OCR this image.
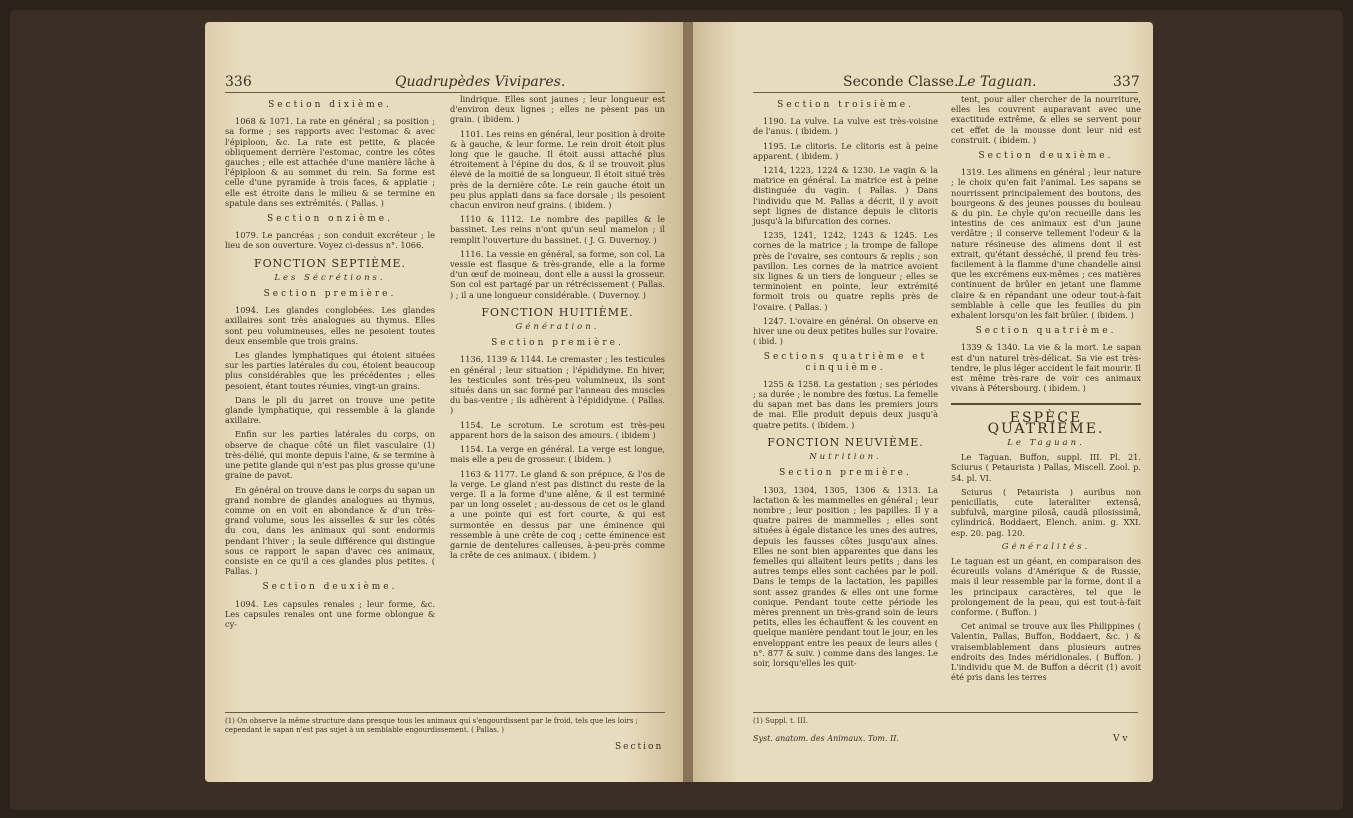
336	Quadrupèdes Vivipares.
Section dixième.

1068 & 1071. La rate en général ; sa position ; sa forme ; ses rapports avec l'estomac & avec l'épiploon, &c. La rate est petite, & placée obliquement derrière l'estomac, contre les côtes gauches ; elle est attachée d'une manière lâche à l'épiploon & au sommet du rein. Sa forme est celle d'une pyramide à trois faces, & applatie ; elle est étroite dans le milieu & se termine en spatule dans ses extrémités. ( Pallas. )

Section onzième.

1079. Le pancréas ; son conduit excréteur ; le lieu de son ouverture. Voyez ci-dessus n°. 1066.

FONCTION SEPTIÈME.
Les Sécrétions.
Section première.

1094. Les glandes conglobées. Les glandes axillaires sont très analogues au thymus. Elles sont peu volumineuses, elles ne pesoient toutes deux ensemble que trois grains.

Les glandes lymphatiques qui étoient situées sur les parties latérales du cou, étoient beaucoup plus considérables que les précédentes ; elles pesoient, étant toutes réunies, vingt-un grains.

Dans le pli du jarret on trouve une petite glande lymphatique, qui ressemble à la glande axillaire.

Enfin sur les parties latérales du corps, on observe de chaque côté un filet vasculaire (1) très-délié, qui monte depuis l'aine, & se termine à une petite glande qui n'est pas plus grosse qu'une graine de pavot.

En général on trouve dans le corps du sapan un grand nombre de glandes analogues au thymus, comme on en voit en abondance & d'un très-grand volume, sous les aisselles & sur les côtés du cou, dans les animaux qui sont endormis pendant l'hiver ; la seule différence qui distingue sous ce rapport le sapan d'avec ces animaux, consiste en ce qu'il a ces glandes plus petites. ( Pallas. )

Section deuxième.

1094. Les capsules renales ; leur forme, &c. Les capsules renales ont une forme oblongue & cy-

lindrique. Elles sont jaunes ; leur longueur est d'environ deux lignes ; elles ne pèsent pas un grain. ( ibidem. )

1101. Les reins en général, leur position à droite & à gauche, & leur forme. Le rein droit étoit plus long que le gauche. Il étoit aussi attaché plus étroitement à l'épine du dos, & il se trouvoit plus élevé de la moitié de sa longueur. Il étoit situé très près de la dernière côte. Le rein gauche étoit un peu plus applati dans sa face dorsale ; ils pesoient chacun environ neuf grains. ( ibidem. )

1110 & 1112. Le nombre des papilles & le bassinet. Les reins n'ont qu'un seul mamelon ; il remplit l'ouverture du bassinet. ( J. G. Duvernoy. )

1116. La vessie en général, sa forme, son col. La vessie est flasque & très-grande, elle a la forme d'un œuf de moineau, dont elle a aussi la grosseur. Son col est partagé par un rétrécissement ( Pallas. ) ; il a une longueur considérable. ( Duvernoy. )

FONCTION HUITIÈME.
Génération.
Section première.

1136, 1139 & 1144. Le cremaster ; les testicules en général ; leur situation ; l'épididyme. En hiver, les testicules sont très-peu volumineux, ils sont situés dans un sac formé par l'anneau des muscles du bas-ventre ; ils adhèrent à l'épididyme. ( Pallas. )

1154. Le scrotum. Le scrotum est très-peu apparent hors de la saison des amours. ( ibidem )

1154. La verge en général. La verge est longue, mais elle a peu de grosseur. ( ibidem. )

1163 & 1177. Le gland & son prépuce, & l'os de la verge. Le gland n'est pas distinct du reste de la verge. Il a la forme d'une alêne, & il est terminé par un long osselet ; au-dessous de cet os le gland a une pointe qui est fort courte, & qui est surmontée en dessus par une éminence qui ressemble à une crête de coq ; cette éminence est garnie de dentelures calleuses, à-peu-près comme la crête de ces animaux. ( ibidem. )

(1) On observe la même structure dans presque tous les animaux qui s'engourdissent par le froid, tels que les loirs ; cependant le sapan n'est pas sujet à un semblable engourdissement. ( Pallas. )
Section
Seconde Classe. Le Taguan.	337
Section troisième.

1190. La vulve. La vulve est très-voisine de l'anus. ( ibidem. )

1195. Le clitoris. Le clitoris est à peine apparent. ( ibidem. )

1214, 1223, 1224 & 1230. Le vagin & la matrice en général. La matrice est à peine distinguée du vagin. ( Pallas. ) Dans l'individu que M. Pallas a décrit, il y avoit sept lignes de distance depuis le clitoris jusqu'à la bifurcation des cornes.

1235, 1241, 1242, 1243 & 1245. Les cornes de la matrice ; la trompe de fallope près de l'ovaire, ses contours & replis ; son pavillon. Les cornes de la matrice avoient six lignes & un tiers de longueur ; elles se terminoient en pointe, leur extrémité formoit trois ou quatre replis près de l'ovaire. ( Pallas. )

1247. L'ovaire en général. On observe en hiver une ou deux petites bulles sur l'ovaire. ( ibid. )

Sections quatrième et cinquième.

1255 & 1258. La gestation ; ses périodes ; sa durée ; le nombre des fœtus. La femelle du sapan met bas dans les premiers jours de mai. Elle produit depuis deux jusqu'à quatre petits. ( ibidem. )

FONCTION NEUVIÈME.
Nutrition.
Section première.

1303, 1304, 1305, 1306 & 1313. La lactation & les mammelles en général ; leur nombre ; leur position ; les papilles. Il y a quatre paires de mammelles ; elles sont situées à égale distance les unes des autres, depuis les fausses côtes jusqu'aux aînes. Elles ne sont bien apparentes que dans les femelles qui allaitent leurs petits ; dans les autres temps elles sont cachées par le poil. Dans le temps de la lactation, les papilles sont assez grandes & elles ont une forme conique. Pendant toute cette période les mères prennent un très-grand soin de leurs petits, elles les échauffent & les couvent en quelque manière pendant tout le jour, en les enveloppant entre les peaux de leurs ailes ( n°. 877 & suiv. ) comme dans des langes. Le soir, lorsqu'elles les quit-

tent, pour aller chercher de la nourriture, elles les couvrent auparavant avec une exactitude extrême, & elles se servent pour cet effet de la mousse dont leur nid est construit. ( ibidem. )

Section deuxième.

1319. Les alimens en général ; leur nature ; le choix qu'en fait l'animal. Les sapans se nourrissent principalement des boutons, des bourgeons & des jeunes pousses du bouleau & du pin. Le chyle qu'on recueille dans les intestins de ces animaux est d'un jaune verdâtre ; il conserve tellement l'odeur & la nature résineuse des alimens dont il est extrait, qu'étant desséché, il prend feu très-facilement à la flamme d'une chandelle ainsi que les excrémens eux-mêmes ; ces matières continuent de brûler en jetant une flamme claire & en répandant une odeur tout-à-fait semblable à celle que les feuilles du pin exhalent lorsqu'on les fait brûler. ( ibidem. )

Section quatrième.

1339 & 1340. La vie & la mort. Le sapan est d'un naturel très-délicat. Sa vie est très-tendre, le plus léger accident le fait mourir. Il est même très-rare de voir ces animaux vivans à Pétersbourg. ( ibidem. )

ESPÈCE QUATRIÈME.
Le Taguan.

Le Taguan. Buffon, suppl. III. Pl. 21. Sciurus ( Petaurista ) Pallas, Miscell. Zool. p. 54. pl. VI.

Sciurus ( Petaurista ) auribus non penicillatis, cute lateraliter extensâ, subfulvâ, margine pilosâ, caudâ pilosissimâ, cylindricâ. Boddaert, Elench. anim. g. XXI. esp. 20. pag. 120.

Généralités.

Le taguan est un géant, en comparaison des écureuils volans d'Amérique & de Russie, mais il leur ressemble par la forme, dont il a les principaux caractères, tel que le prolongement de la peau, qui est tout-à-fait conforme. ( Buffon. )

Cet animal se trouve aux îles Philippines ( Valentin, Pallas, Buffon, Boddaert, &c. ) & vraisemblablement dans plusieurs autres endroits des Indes méridionales. ( Buffon. ) L'individu que M. de Buffon a décrit (1) avoit été pris dans les terres

(1) Suppl. t. III.
Syst. anatom. des Animaux. Tom. II.	V v
